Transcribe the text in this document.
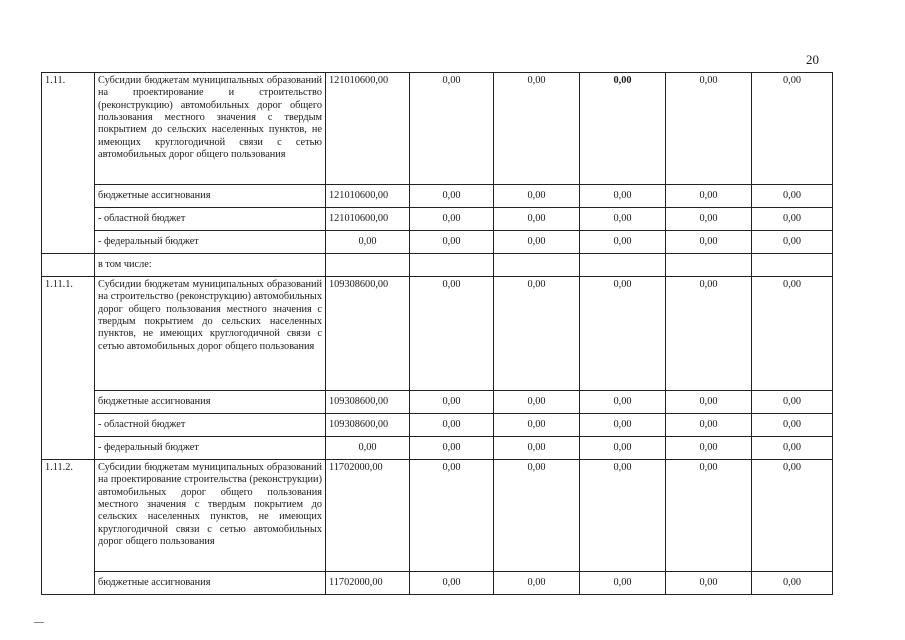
20
1.11.	Субсидии бюджетам муниципальных образований на проектирование и строительство (реконструкцию) автомобильных дорог общего пользования местного значения с твердым покрытием до сельских населенных пунктов, не имеющих круглогодичной связи с сетью автомобильных дорог общего пользования	121010600,00	0,00	0,00	0,00	0,00	0,00
	бюджетные ассигнования	121010600,00	0,00	0,00	0,00	0,00	0,00
	- областной бюджет	121010600,00	0,00	0,00	0,00	0,00	0,00
	- федеральный бюджет	0,00	0,00	0,00	0,00	0,00	0,00
	в том числе:						
1.11.1.	Субсидии бюджетам муниципальных образований на строительство (реконструкцию) автомобильных дорог общего пользования местного значения с твердым покрытием до сельских населенных пунктов, не имеющих круглогодичной связи с сетью автомобильных дорог общего пользования	109308600,00	0,00	0,00	0,00	0,00	0,00
	бюджетные ассигнования	109308600,00	0,00	0,00	0,00	0,00	0,00
	- областной бюджет	109308600,00	0,00	0,00	0,00	0,00	0,00
	- федеральный бюджет	0,00	0,00	0,00	0,00	0,00	0,00
1.11.2.	Субсидии бюджетам муниципальных образований на проектирование строительства (реконструкции) автомобильных дорог общего пользования местного значения с твердым покрытием до сельских населенных пунктов, не имеющих круглогодичной связи с сетью автомобильных дорог общего пользования	11702000,00	0,00	0,00	0,00	0,00	0,00
	бюджетные ассигнования	11702000,00	0,00	0,00	0,00	0,00	0,00
